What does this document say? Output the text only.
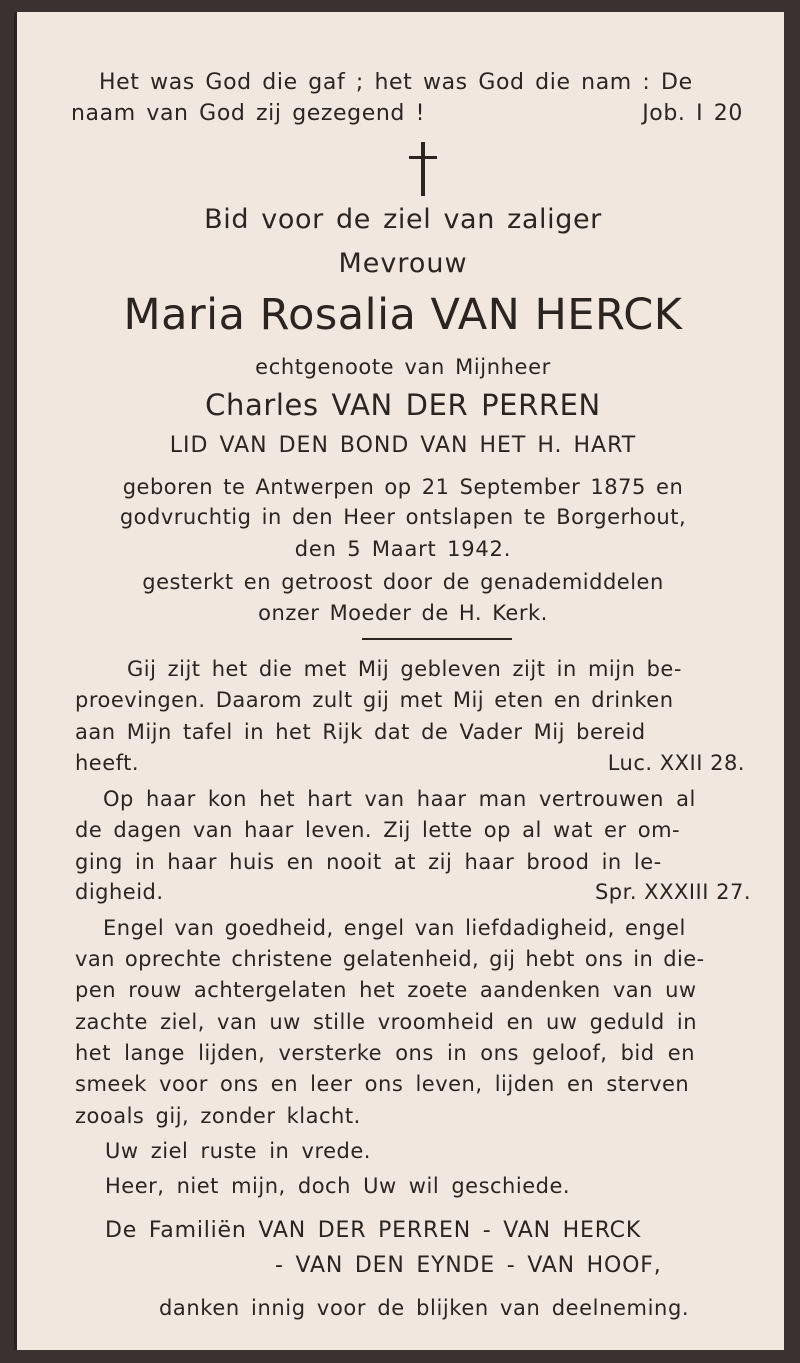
Het was God die gaf ; het was God die nam : De

naam van God zij gezegend !	Job. I 20

Bid voor de ziel van zaliger

Mevrouw

Maria Rosalia VAN HERCK

echtgenoote van Mijnheer

Charles VAN DER PERREN

LID VAN DEN BOND VAN HET H. HART

geboren te Antwerpen op 21 September 1875 en

godvruchtig in den Heer ontslapen te Borgerhout,

den 5 Maart 1942.

gesterkt en getroost door de genademiddelen

onzer Moeder de H. Kerk.

Gij zijt het die met Mij gebleven zijt in mijn be-

proevingen. Daarom zult gij met Mij eten en drinken

aan Mijn tafel in het Rijk dat de Vader Mij bereid

heeft.	Luc. XXII 28.

Op haar kon het hart van haar man vertrouwen al

de dagen van haar leven. Zij lette op al wat er om-

ging in haar huis en nooit at zij haar brood in le-

digheid.	Spr. XXXIII 27.

Engel van goedheid, engel van liefdadigheid, engel

van oprechte christene gelatenheid, gij hebt ons in die-

pen rouw achtergelaten het zoete aandenken van uw

zachte ziel, van uw stille vroomheid en uw geduld in

het lange lijden, versterke ons in ons geloof, bid en

smeek voor ons en leer ons leven, lijden en sterven

zooals gij, zonder klacht.

Uw ziel ruste in vrede.

Heer, niet mijn, doch Uw wil geschiede.

De Familiën VAN DER PERREN - VAN HERCK

- VAN DEN EYNDE - VAN HOOF,

danken innig voor de blijken van deelneming.
